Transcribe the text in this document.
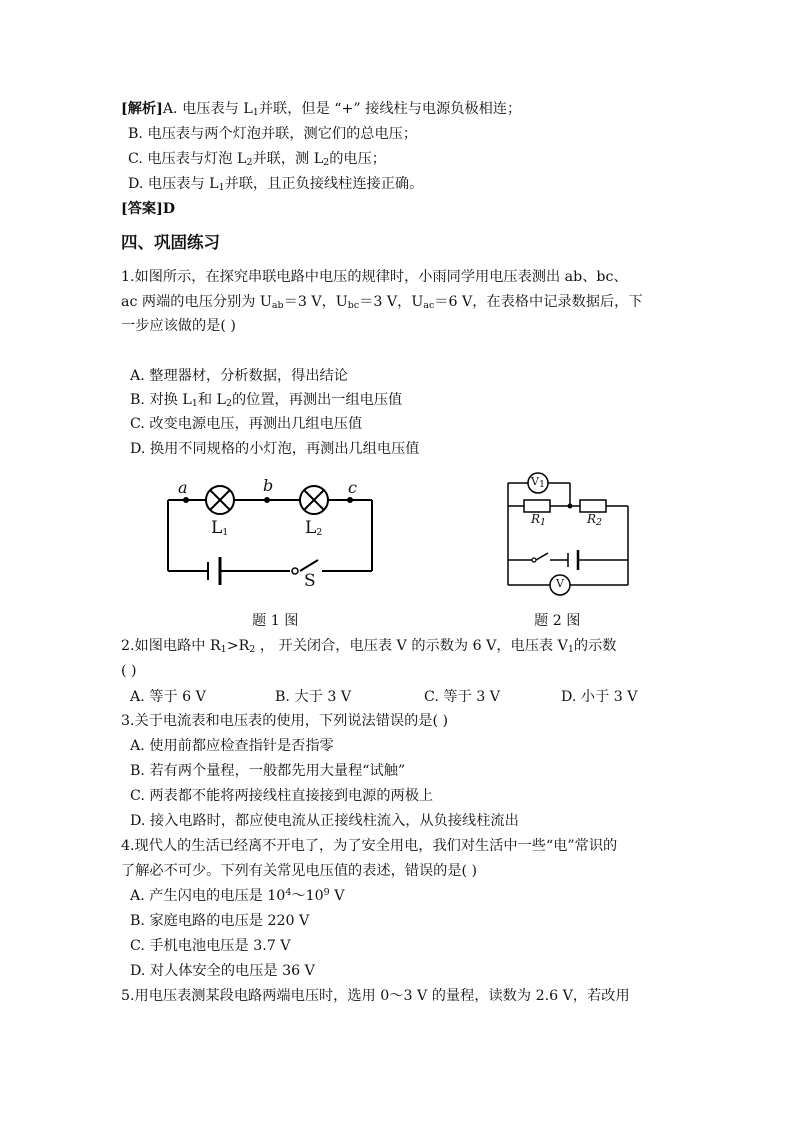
[解析]A. 电压表与 $L_1$并联，但是 “+” 接线柱与电源负极相连；
B. 电压表与两个灯泡并联，测它们的总电压；
C. 电压表与灯泡 $L_2$并联，测 $L_2$的电压；
D. 电压表与 $L_1$并联，且正负接线柱连接正确。
[答案]D
四、巩固练习
1.如图所示，在探究串联电路中电压的规律时，小雨同学用电压表测出 ab、bc、
ac 两端的电压分别为 $U_{ab}=3$ V，$U_{bc}=3$ V，$U_{ac}=6$ V，在表格中记录数据后，下
一步应该做的是( )
A. 整理器材，分析数据，得出结论
B. 对换 $L_1$和 $L_2$的位置，再测出一组电压值
C. 改变电源电压，再测出几组电压值
D. 换用不同规格的小灯泡，再测出几组电压值
a	b	c
$L_1$	$L_2$
S
$V_1$
$R_1$	$R_2$
V
题 1 图	题 2 图
2.如图电路中 $R_1>R_2$ ， 开关闭合，电压表 V 的示数为 6 V，电压表 $V_1$的示数
( )
A. 等于 6 V	B. 大于 3 V	C. 等于 3 V	D. 小于 3 V
3.关于电流表和电压表的使用，下列说法错误的是( )
A. 使用前都应检查指针是否指零
B. 若有两个量程，一般都先用大量程“试触”
C. 两表都不能将两接线柱直接接到电源的两极上
D. 接入电路时，都应使电流从正接线柱流入，从负接线柱流出
4.现代人的生活已经离不开电了，为了安全用电，我们对生活中一些“电”常识的
了解必不可少。下列有关常见电压值的表述，错误的是( )
A. 产生闪电的电压是 $10^4\sim 10^9$ V
B. 家庭电路的电压是 220 V
C. 手机电池电压是 3.7 V
D. 对人体安全的电压是 36 V
5.用电压表测某段电路两端电压时，选用 0～3 V 的量程，读数为 2.6 V，若改用
